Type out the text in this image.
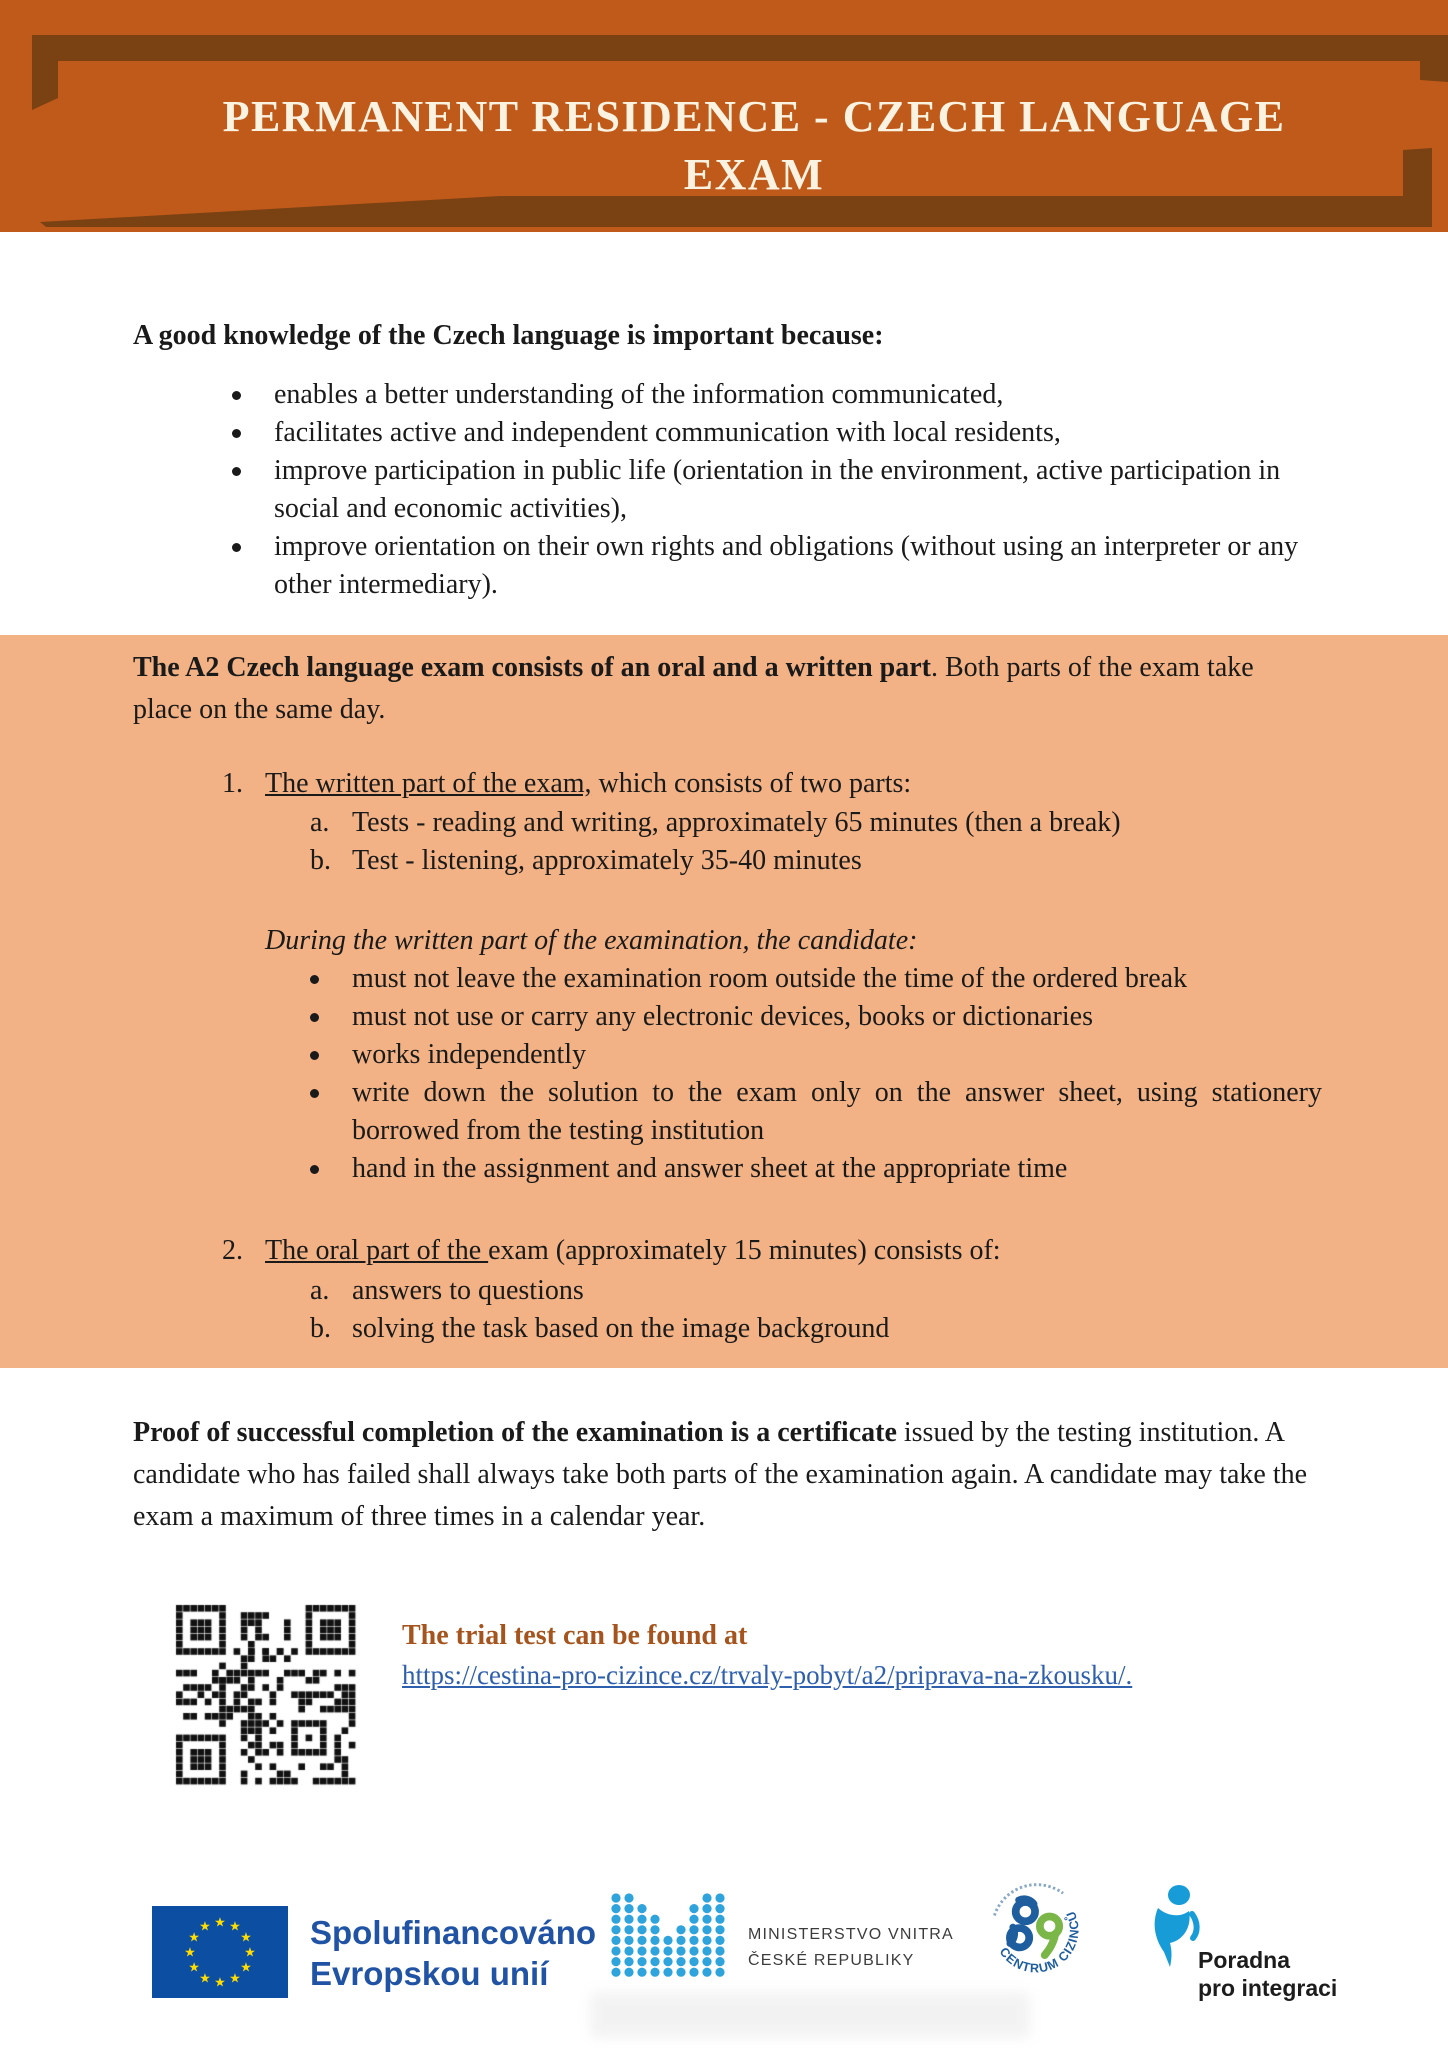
PERMANENT RESIDENCE - CZECH LANGUAGE
EXAM
A good knowledge of the Czech language is important because:
enables a better understanding of the information communicated,
facilitates active and independent communication with local residents,
improve participation in public life (orientation in the environment, active participation in social and economic activities),
improve orientation on their own rights and obligations (without using an interpreter or any other intermediary).
The A2 Czech language exam consists of an oral and a written part. Both parts of the exam take place on the same day.
1. The written part of the exam, which consists of two parts:
a. Tests - reading and writing, approximately 65 minutes (then a break)
b. Test - listening, approximately 35-40 minutes
During the written part of the examination, the candidate:
must not leave the examination room outside the time of the ordered break
must not use or carry any electronic devices, books or dictionaries
works independently
write down the solution to the exam only on the answer sheet, using stationery borrowed from the testing institution
hand in the assignment and answer sheet at the appropriate time
2. The oral part of the exam (approximately 15 minutes) consists of:
a. answers to questions
b. solving the task based on the image background
Proof of successful completion of the examination is a certificate issued by the testing institution. A candidate who has failed shall always take both parts of the examination again. A candidate may take the exam a maximum of three times in a calendar year.
The trial test can be found at
https://cestina-pro-cizince.cz/trvaly-pobyt/a2/priprava-na-zkousku/.
★ ★
★
★
★
★
★
★
★
★
★
★	Spolufinancováno
Evropskou unií
MINISTERSTVO VNITRA
ČESKÉ REPUBLIKY	CENTRUM CIZINCŮ
Poradna
pro integraci
